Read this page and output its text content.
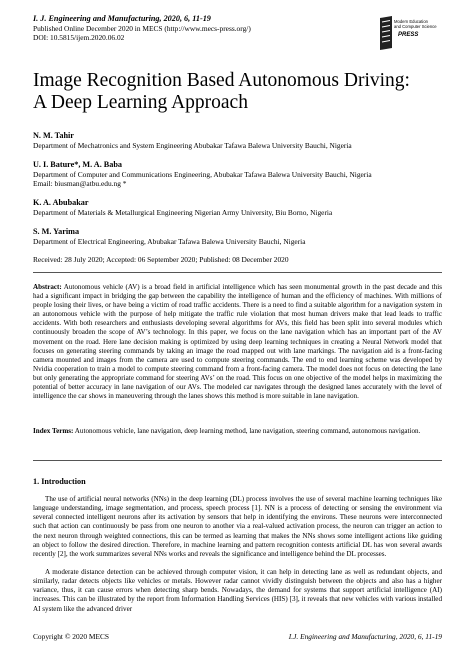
I. J. Engineering and Manufacturing, 2020, 6, 11-19
Published Online December 2020 in MECS (http://www.mecs-press.org/)
DOI: 10.5815/ijem.2020.06.02
Modern Education
and Computer Science
PRESS
Image Recognition Based Autonomous Driving:
A Deep Learning Approach
N. M. Tahir
Department of Mechatronics and System Engineering Abubakar Tafawa Balewa University Bauchi, Nigeria
U. I. Bature*, M. A. Baba
Department of Computer and Communications Engineering, Abubakar Tafawa Balewa University Bauchi, Nigeria
Email: biusman@atbu.edu.ng *
K. A. Abubakar
Department of Materials & Metallurgical Engineering Nigerian Army University, Biu Borno, Nigeria
S. M. Yarima
Department of Electrical Engineering, Abubakar Tafawa Balewa University Bauchi, Nigeria
Received: 28 July 2020; Accepted: 06 September 2020; Published: 08 December 2020
Abstract: Autonomous vehicle (AV) is a broad field in artificial intelligence which has seen monumental growth in the past decade and this had a significant impact in bridging the gap between the capability the intelligence of human and the efficiency of machines. With millions of people losing their lives, or have being a victim of road traffic accidents. There is a need to find a suitable algorithm for a navigation system in an autonomous vehicle with the purpose of help mitigate the traffic rule violation that most human drivers make that lead leads to traffic accidents. With both researchers and enthusiasts developing several algorithms for AVs, this field has been split into several modules which continuously broaden the scope of AV’s technology. In this paper, we focus on the lane navigation which has an important part of the AV movement on the road. Here lane decision making is optimized by using deep learning techniques in creating a Neural Network model that focuses on generating steering commands by taking an image the road mapped out with lane markings. The navigation aid is a front-facing camera mounted and images from the camera are used to compute steering commands. The end to end learning scheme was developed by Nvidia cooperation to train a model to compute steering command from a front-facing camera. The model does not focus on detecting the lane but only generating the appropriate command for steering AVs’ on the road. This focus on one objective of the model helps in maximizing the potential of better accuracy in lane navigation of our AVs. The modeled car navigates through the designed lanes accurately with the level of intelligence the car shows in maneuvering through the lanes shows this method is more suitable in lane navigation.
Index Terms: Autonomous vehicle, lane navigation, deep learning method, lane navigation, steering command, autonomous navigation.
1. Introduction
The use of artificial neural networks (NNs) in the deep learning (DL) process involves the use of several machine learning techniques like language understanding, image segmentation, and process, speech process [1]. NN is a process of detecting or sensing the environment via several connected intelligent neurons after its activation by sensors that help in identifying the environs. These neurons were interconnected such that action can continuously be pass from one neuron to another via a real-valued activation process, the neuron can trigger an action to the next neuron through weighted connections, this can be termed as learning that makes the NNs shows some intelligent actions like guiding an object to follow the desired direction. Therefore, in machine learning and pattern recognition contests artificial DL has won several awards recently [2], the work summarizes several NNs works and reveals the significance and intelligence behind the DL processes.
A moderate distance detection can be achieved through computer vision, it can help in detecting lane as well as redundant objects, and similarly, radar detects objects like vehicles or metals. However radar cannot vividly distinguish between the objects and also has a higher variance, thus, it can cause errors when detecting sharp bends. Nowadays, the demand for systems that support artificial intelligence (AI) increases. This can be illustrated by the report from Information Handling Services (HIS) [3], it reveals that new vehicles with various installed AI system like the advanced driver
Copyright © 2020 MECS	I.J. Engineering and Manufacturing, 2020, 6, 11-19
